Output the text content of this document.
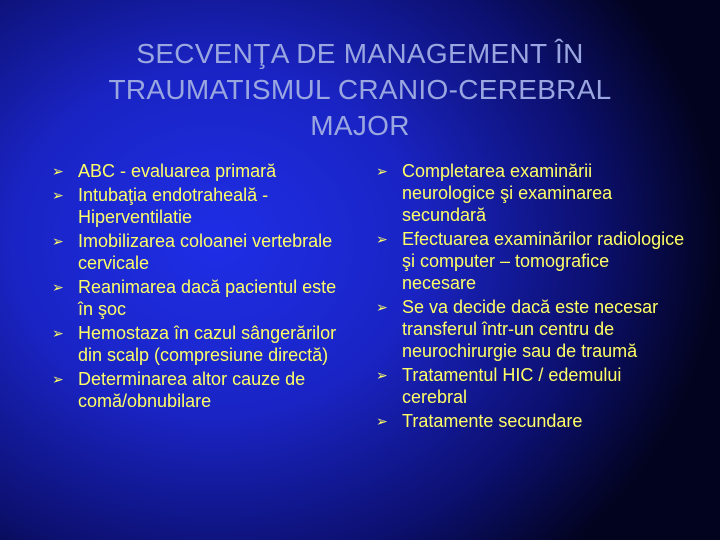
SECVENŢA DE MANAGEMENT ÎN
TRAUMATISMUL CRANIO-CEREBRAL
MAJOR
➢ ABC - evaluarea primară
➢ Intubaţia endotraheală - Hiperventilatie
➢ Imobilizarea coloanei vertebrale cervicale
➢ Reanimarea dacă pacientul este în şoc
➢ Hemostaza în cazul sângerărilor din scalp (compresiune directă)
➢ Determinarea altor cauze de comă/obnubilare
➢ Completarea examinării neurologice şi examinarea secundară
➢ Efectuarea examinărilor radiologice şi computer – tomografice necesare
➢ Se va decide dacă este necesar transferul într-un centru de neurochirurgie sau de traumă
➢ Tratamentul HIC / edemului cerebral
➢ Tratamente secundare
